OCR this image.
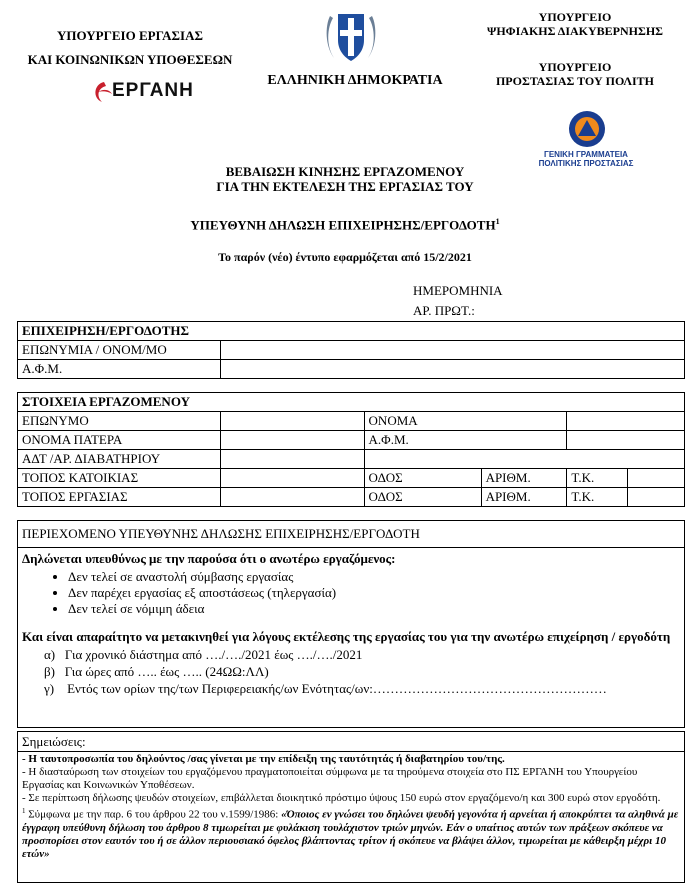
ΥΠΟΥΡΓΕΙΟ ΕΡΓΑΣΙΑΣ
ΚΑΙ ΚΟΙΝΩΝΙΚΩΝ ΥΠΟΘΕΣΕΩΝ
ΕΡΓΑΝΗ	ΕΛΛΗΝΙΚΗ ΔΗΜΟΚΡΑΤΙΑ
ΥΠΟΥΡΓΕΙΟ
ΨΗΦΙΑΚΗΣ ΔΙΑΚΥΒΕΡΝΗΣΗΣ
ΥΠΟΥΡΓΕΙΟ
ΠΡΟΣΤΑΣΙΑΣ ΤΟΥ ΠΟΛΙΤΗ
ΓΕΝΙΚΗ ΓΡΑΜΜΑΤΕΙΑ
ΠΟΛΙΤΙΚΗΣ ΠΡΟΣΤΑΣΙΑΣ
ΒΕΒΑΙΩΣΗ ΚΙΝΗΣΗΣ ΕΡΓΑΖΟΜΕΝΟΥ
ΓΙΑ ΤΗΝ ΕΚΤΕΛΕΣΗ ΤΗΣ ΕΡΓΑΣΙΑΣ ΤΟΥ
ΥΠΕΥΘΥΝΗ ΔΗΛΩΣΗ ΕΠΙΧΕΙΡΗΣΗΣ/ΕΡΓΟΔΟΤΗ$^1$
Το παρόν (νέο) έντυπο εφαρμόζεται από 15/2/2021
ΗΜΕΡΟΜΗΝΙΑ
ΑΡ. ΠΡΩΤ.:
ΕΠΙΧΕΙΡΗΣΗ/ΕΡΓΟΔΟΤΗΣ	
ΕΠΩΝΥΜΙΑ / ΟΝΟΜ/ΜΟ	
Α.Φ.Μ.	
ΣΤΟΙΧΕΙΑ ΕΡΓΑΖΟΜΕΝΟΥ							
ΕΠΩΝΥΜΟ				ΟΝΟΜΑ			
ΟΝΟΜΑ ΠΑΤΕΡΑ				Α.Φ.Μ.			
ΑΔΤ /ΑΡ. ΔΙΑΒΑΤΗΡΙΟΥ							
ΤΟΠΟΣ ΚΑΤΟΙΚΙΑΣ				ΟΔΟΣ	ΑΡΙΘΜ.	Τ.Κ.	
ΤΟΠΟΣ ΕΡΓΑΣΙΑΣ				ΟΔΟΣ	ΑΡΙΘΜ.	Τ.Κ.	

ΠΕΡΙΕΧΟΜΕΝΟ ΥΠΕΥΘΥΝΗΣ ΔΗΛΩΣΗΣ ΕΠΙΧΕΙΡΗΣΗΣ/ΕΡΓΟΔΟΤΗ
Δηλώνεται υπευθύνως με την παρούσα ότι ο ανωτέρω εργαζόμενος:
• Δεν τελεί σε αναστολή σύμβασης εργασίας
• Δεν παρέχει εργασίας εξ αποστάσεως (τηλεργασία)
• Δεν τελεί σε νόμιμη άδεια
Και είναι απαραίτητο να μετακινηθεί για λόγους εκτέλεσης της εργασίας του για την ανωτέρω επιχείρηση / εργοδότη
α) Για χρονικό διάστημα από …./…./2021 έως …./…./2021
β) Για ώρες από ….. έως ….. (24ΩΩ:ΛΛ)
γ) Εντός των ορίων της/των Περιφερειακής/ων Ενότητας/ων:………………………………………………
Σημειώσεις:
- Η ταυτοπροσωπία του δηλούντος /σας γίνεται με την επίδειξη της ταυτότητάς ή διαβατηρίου του/της.
- Η διασταύρωση των στοιχείων του εργαζόμενου πραγματοποιείται σύμφωνα με τα τηρούμενα στοιχεία στο ΠΣ ΕΡΓΑΝΗ του Υπουργείου Εργασίας και Κοινωνικών Υποθέσεων.
- Σε περίπτωση δήλωσης ψευδών στοιχείων, επιβάλλεται διοικητικό πρόστιμο ύψους 150 ευρώ στον εργαζόμενο/η και 300 ευρώ στον εργοδότη.
$^1$ Σύμφωνα με την παρ. 6 του άρθρου 22 του ν.1599/1986: «Όποιος εν γνώσει του δηλώνει ψευδή γεγονότα ή αρνείται ή αποκρύπτει τα αληθινά με έγγραφη υπεύθυνη δήλωση του άρθρου 8 τιμωρείται με φυλάκιση τουλάχιστον τριών μηνών. Εάν ο υπαίτιος αυτών των πράξεων σκόπευε να προσπορίσει στον εαυτόν του ή σε άλλον περιουσιακό όφελος βλάπτοντας τρίτον ή σκόπευε να βλάψει άλλον, τιμωρείται με κάθειρξη μέχρι 10 ετών»
